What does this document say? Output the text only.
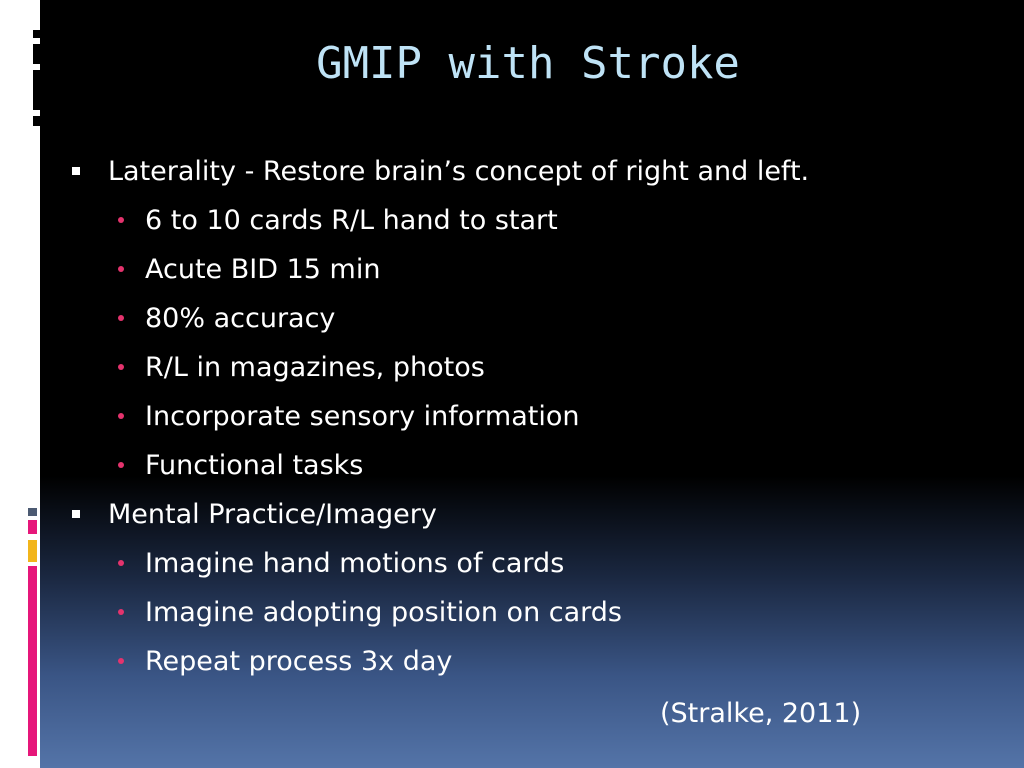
GMIP with Stroke
Laterality - Restore brain’s concept of right and left.
6 to 10 cards R/L hand to start
Acute BID 15 min
80% accuracy
R/L in magazines, photos
Incorporate sensory information
Functional tasks
Mental Practice/Imagery
Imagine hand motions of cards
Imagine adopting position on cards
Repeat process 3x day
(Stralke, 2011)
